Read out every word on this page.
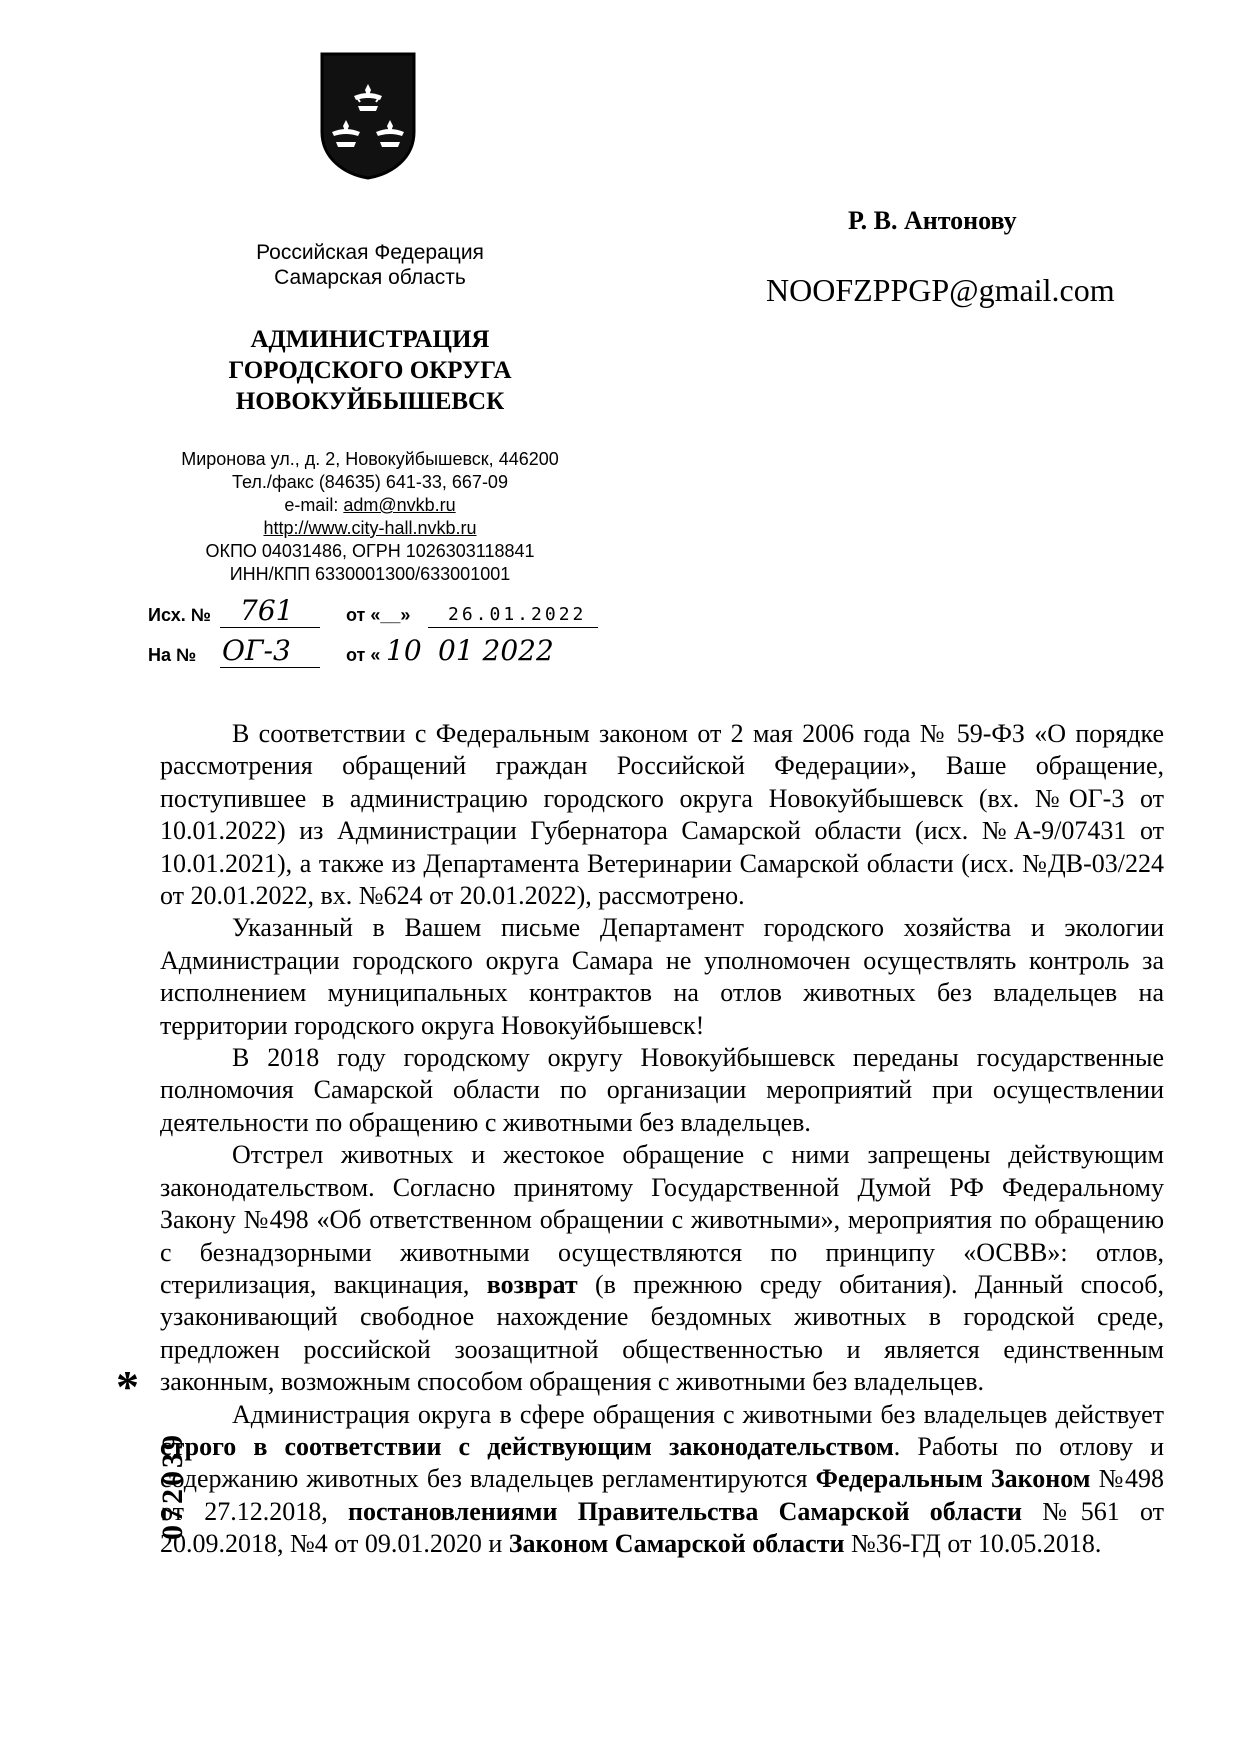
Российская Федерация
Самарская область
АДМИНИСТРАЦИЯ
ГОРОДСКОГО ОКРУГА
НОВОКУЙБЫШЕВСК
Миронова ул., д. 2, Новокуйбышевск, 446200
Тел./факс (84635) 641-33, 667-09
e-mail: adm@nvkb.ru
http://www.city-hall.nvkb.ru
ОКПО 04031486, ОГРН 1026303118841
ИНН/КПП 6330001300/633001001
Исх. № 761	от «__» 26.01.2022
На № ОГ-3	от « 10 01 2022
Р. В. Антонову
NOOFZPPGP@gmail.com

В соответствии с Федеральным законом от 2 мая 2006 года № 59-ФЗ «О порядке рассмотрения обращений граждан Российской Федерации», Ваше обращение, поступившее в администрацию городского округа Новокуйбышевск (вх. №ОГ-3 от 10.01.2022) из Администрации Губернатора Самарской области (исх. №А-9/07431 от 10.01.2021), а также из Департамента Ветеринарии Самарской области (исх. №ДВ-03/224 от 20.01.2022, вх. №624 от 20.01.2022), рассмотрено.

Указанный в Вашем письме Департамент городского хозяйства и экологии Администрации городского округа Самара не уполномочен осуществлять контроль за исполнением муниципальных контрактов на отлов животных без владельцев на территории городского округа Новокуйбышевск!

В 2018 году городскому округу Новокуйбышевск переданы государственные полномочия Самарской области по организации мероприятий при осуществлении деятельности по обращению с животными без владельцев.

Отстрел животных и жестокое обращение с ними запрещены действующим законодательством. Согласно принятому Государственной Думой РФ Федеральному Закону №498 «Об ответственном обращении с животными», мероприятия по обращению с безнадзорными животными осуществляются по принципу «ОСВВ»: отлов, стерилизация, вакцинация, возврат (в прежнюю среду обитания). Данный способ, узаконивающий свободное нахождение бездомных животных в городской среде, предложен российской зоозащитной общественностью и является единственным законным, возможным способом обращения с животными без владельцев.

Администрация округа в сфере обращения с животными без владельцев действует строго в соответствии с действующим законодательством. Работы по отлову и содержанию животных без владельцев регламентируются Федеральным Законом №498 от 27.12.2018, постановлениями Правительства Самарской области №561 от 20.09.2018, №4 от 09.01.2020 и Законом Самарской области №36-ГД от 10.05.2018.

*
072039
